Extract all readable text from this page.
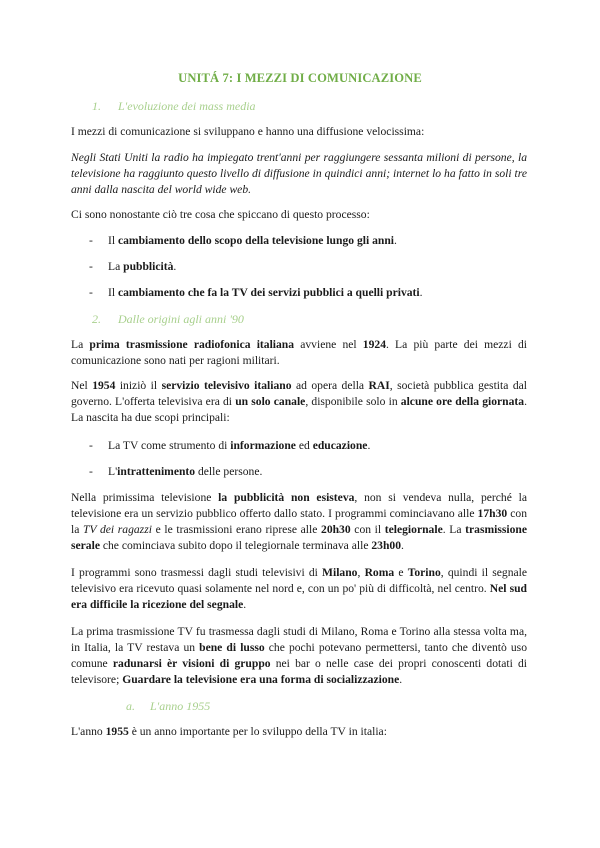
UNITÁ 7: I MEZZI DI COMUNICAZIONE
1. L'evoluzione dei mass media
I mezzi di comunicazione si sviluppano e hanno una diffusione velocissima:
Negli Stati Uniti la radio ha impiegato trent'anni per raggiungere sessanta milioni di persone, la televisione ha raggiunto questo livello di diffusione in quindici anni; internet lo ha fatto in soli tre anni dalla nascita del world wide web.
Ci sono nonostante ciò tre cosa che spiccano di questo processo:
- Il cambiamento dello scopo della televisione lungo gli anni.
- La pubblicità.
- Il cambiamento che fa la TV dei servizi pubblici a quelli privati.
2. Dalle origini agli anni '90

La prima trasmissione radiofonica italiana avviene nel 1924. La più parte dei mezzi di comunicazione sono nati per ragioni militari.

Nel 1954 iniziò il servizio televisivo italiano ad opera della RAI, società pubblica gestita dal governo. L'offerta televisiva era di un solo canale, disponibile solo in alcune ore della giornata. La nascita ha due scopi principali:

- La TV come strumento di informazione ed educazione.
- L'intrattenimento delle persone.

Nella primissima televisione la pubblicità non esisteva, non si vendeva nulla, perché la televisione era un servizio pubblico offerto dallo stato. I programmi cominciavano alle 17h30 con la TV dei ragazzi e le trasmissioni erano riprese alle 20h30 con il telegiornale. La trasmissione serale che cominciava subito dopo il telegiornale terminava alle 23h00.

I programmi sono trasmessi dagli studi televisivi di Milano, Roma e Torino, quindi il segnale televisivo era ricevuto quasi solamente nel nord e, con un po' più di difficoltà, nel centro. Nel sud era difficile la ricezione del segnale.

La prima trasmissione TV fu trasmessa dagli studi di Milano, Roma e Torino alla stessa volta ma, in Italia, la TV restava un bene di lusso che pochi potevano permettersi, tanto che diventò uso comune radunarsi èr visioni di gruppo nei bar o nelle case dei propri conoscenti dotati di televisore; Guardare la televisione era una forma di socializzazione.

a. L'anno 1955

L'anno 1955 è un anno importante per lo sviluppo della TV in italia:
